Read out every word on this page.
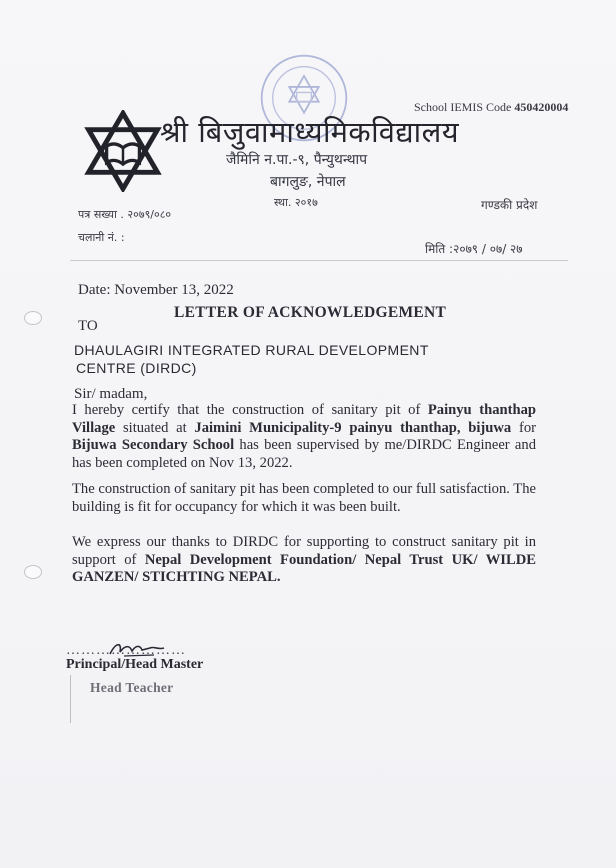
School IEMIS Code 450420004
श्री बिजुवामाध्यमिकविद्यालय
जैमिनि न.पा.-९, पैन्युथन्थाप
बागलुङ, नेपाल
स्था. २०१७	गण्डकी प्रदेश
पत्र सख्या . २०७९/०८०
चलानी नं. :
मिति :२०७९ / ०७/ २७
Date: November 13, 2022
LETTER OF ACKNOWLEDGEMENT
TO
DHAULAGIRI INTEGRATED RURAL DEVELOPMENT
CENTRE (DIRDC)
Sir/ madam,
I hereby certify that the construction of sanitary pit of Painyu thanthap Village situated at Jaimini Municipality-9 painyu thanthap, bijuwa for Bijuwa Secondary School has been supervised by me/DIRDC Engineer and has been completed on Nov 13, 2022.
The construction of sanitary pit has been completed to our full satisfaction. The building is fit for occupancy for which it was been built.
We express our thanks to DIRDC for supporting to construct sanitary pit in support of Nepal Development Foundation/ Nepal Trust UK/ WILDE GANZEN/ STICHTING NEPAL.
……………………
Principal/Head Master
Head Teacher
